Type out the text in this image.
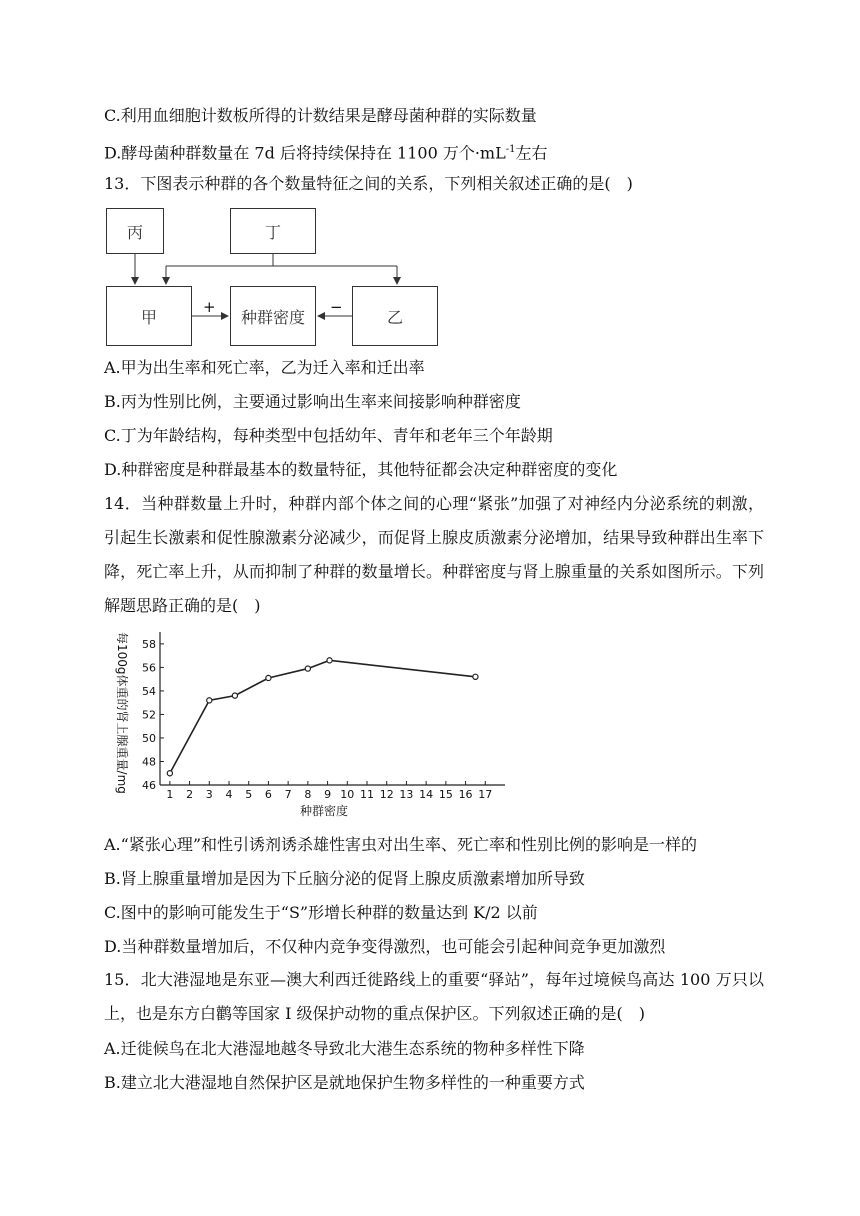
C.利用血细胞计数板所得的计数结果是酵母菌种群的实际数量
D.酵母菌种群数量在 7d 后将持续保持在 1100 万个$\cdot mL^{-1}$左右
13．下图表示种群的各个数量特征之间的关系，下列相关叙述正确的是(　)
丙	丁
甲	种群密度	乙
+	−
A.甲为出生率和死亡率，乙为迁入率和迁出率
B.丙为性别比例，主要通过影响出生率来间接影响种群密度
C.丁为年龄结构，每种类型中包括幼年、青年和老年三个年龄期
D.种群密度是种群最基本的数量特征，其他特征都会决定种群密度的变化
14．当种群数量上升时，种群内部个体之间的心理“紧张”加强了对神经内分泌系统的刺激，引起生长激素和促性腺激素分泌减少，而促肾上腺皮质激素分泌增加，结果导致种群出生率下降，死亡率上升，从而抑制了种群的数量增长。种群密度与肾上腺重量的关系如图所示。下列解题思路正确的是(　)
46
48
50
52
54
56
58
1 2 3 4 5 6 7 8 9 10 11 12 13 14 15 16 17
种群密度
每100g体重的肾上腺重量/mg
A.“紧张心理”和性引诱剂诱杀雄性害虫对出生率、死亡率和性别比例的影响是一样的
B.肾上腺重量增加是因为下丘脑分泌的促肾上腺皮质激素增加所导致
C.图中的影响可能发生于“S”形增长种群的数量达到 K/2 以前
D.当种群数量增加后，不仅种内竞争变得激烈，也可能会引起种间竞争更加激烈
15．北大港湿地是东亚—澳大利西迁徙路线上的重要“驿站”，每年过境候鸟高达 100 万只以上，也是东方白鹳等国家 I 级保护动物的重点保护区。下列叙述正确的是(　)
A.迁徙候鸟在北大港湿地越冬导致北大港生态系统的物种多样性下降
B.建立北大港湿地自然保护区是就地保护生物多样性的一种重要方式
